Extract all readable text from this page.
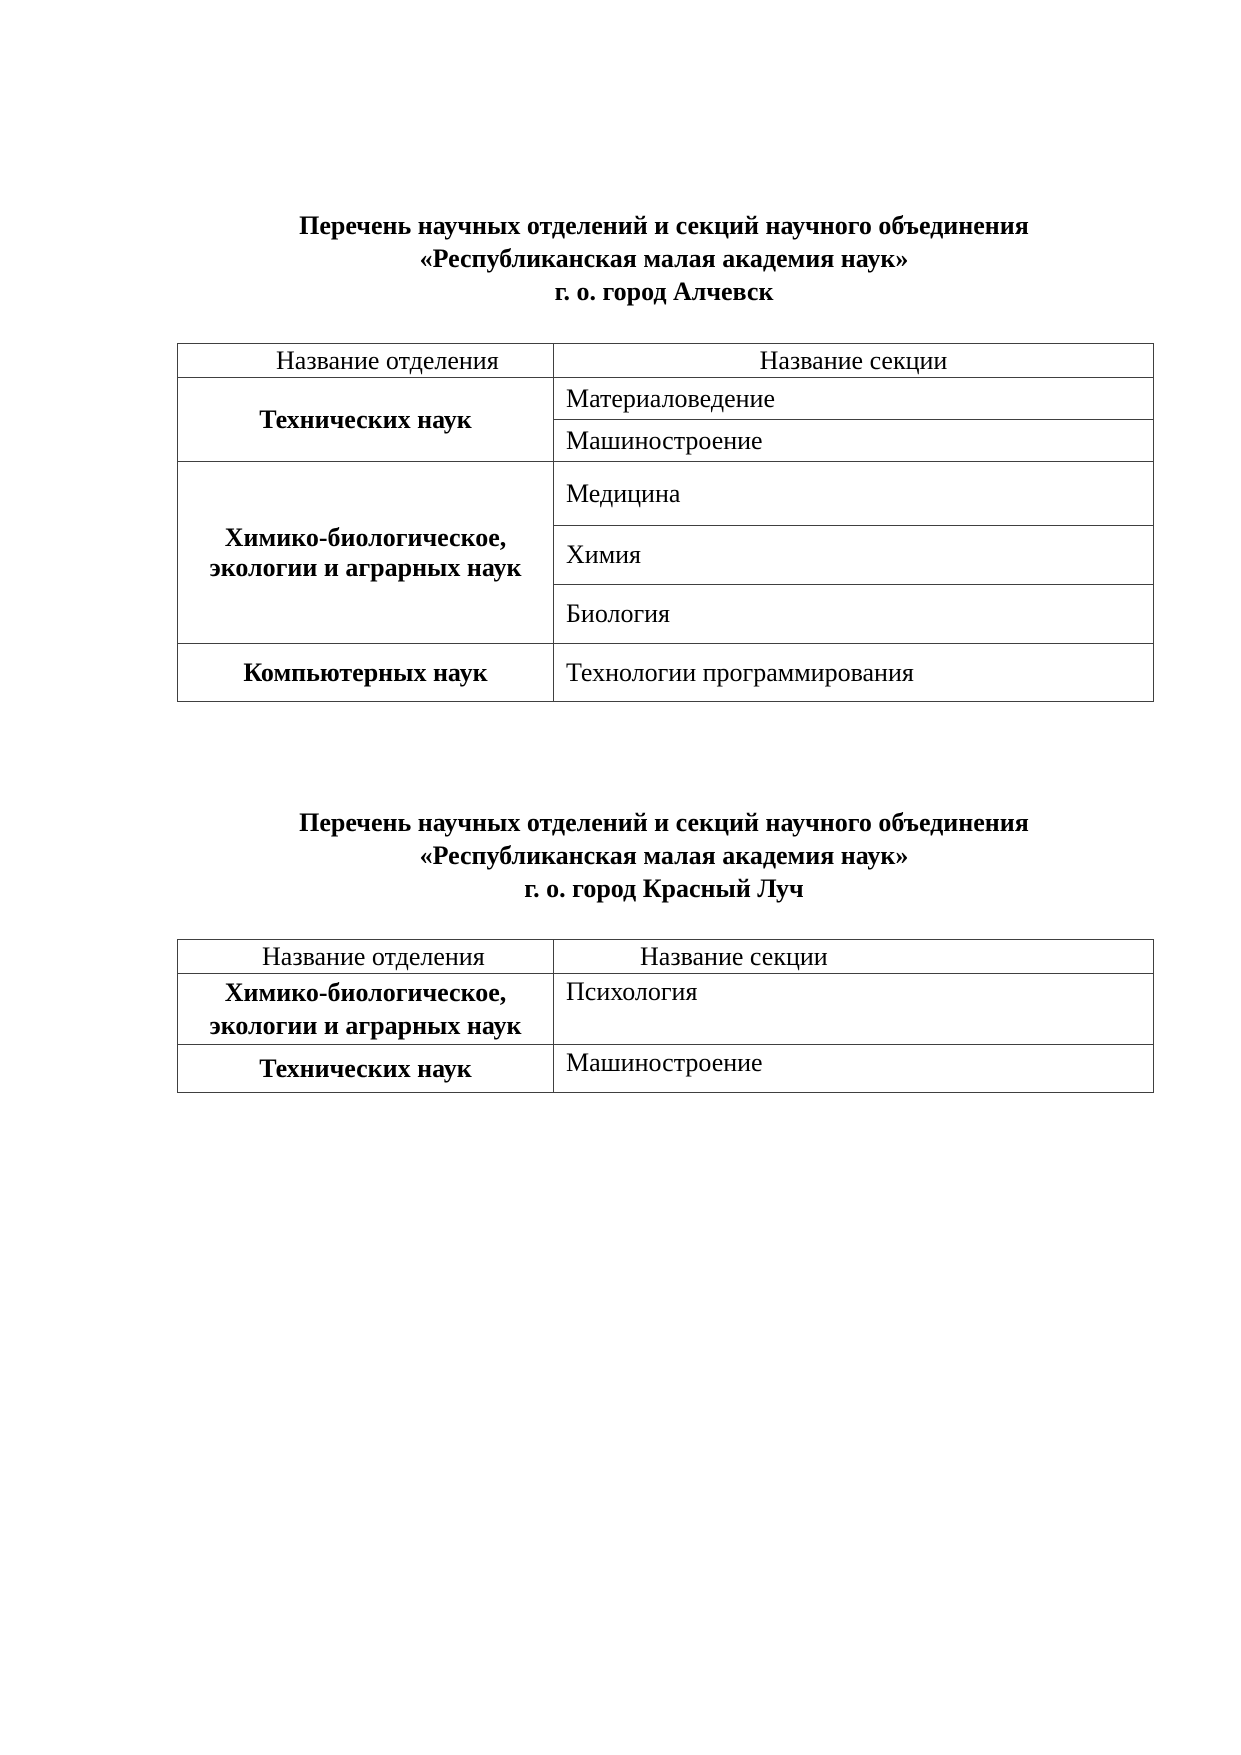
Перечень научных отделений и секций научного объединения
«Республиканская малая академия наук»
г. о. город Алчевск
Название отделения	Название секции
Технических наук	Материаловедение
	Машиностроение
Химико-биологическое, экологии и аграрных наук	Медицина
	Химия
	Биология
Компьютерных наук	Технологии программирования
Перечень научных отделений и секций научного объединения
«Республиканская малая академия наук»
г. о. город Красный Луч
Название отделения	Название секции

Химико-биологическое,
экологии и аграрных наук	Психология
Технических наук	Машиностроение
